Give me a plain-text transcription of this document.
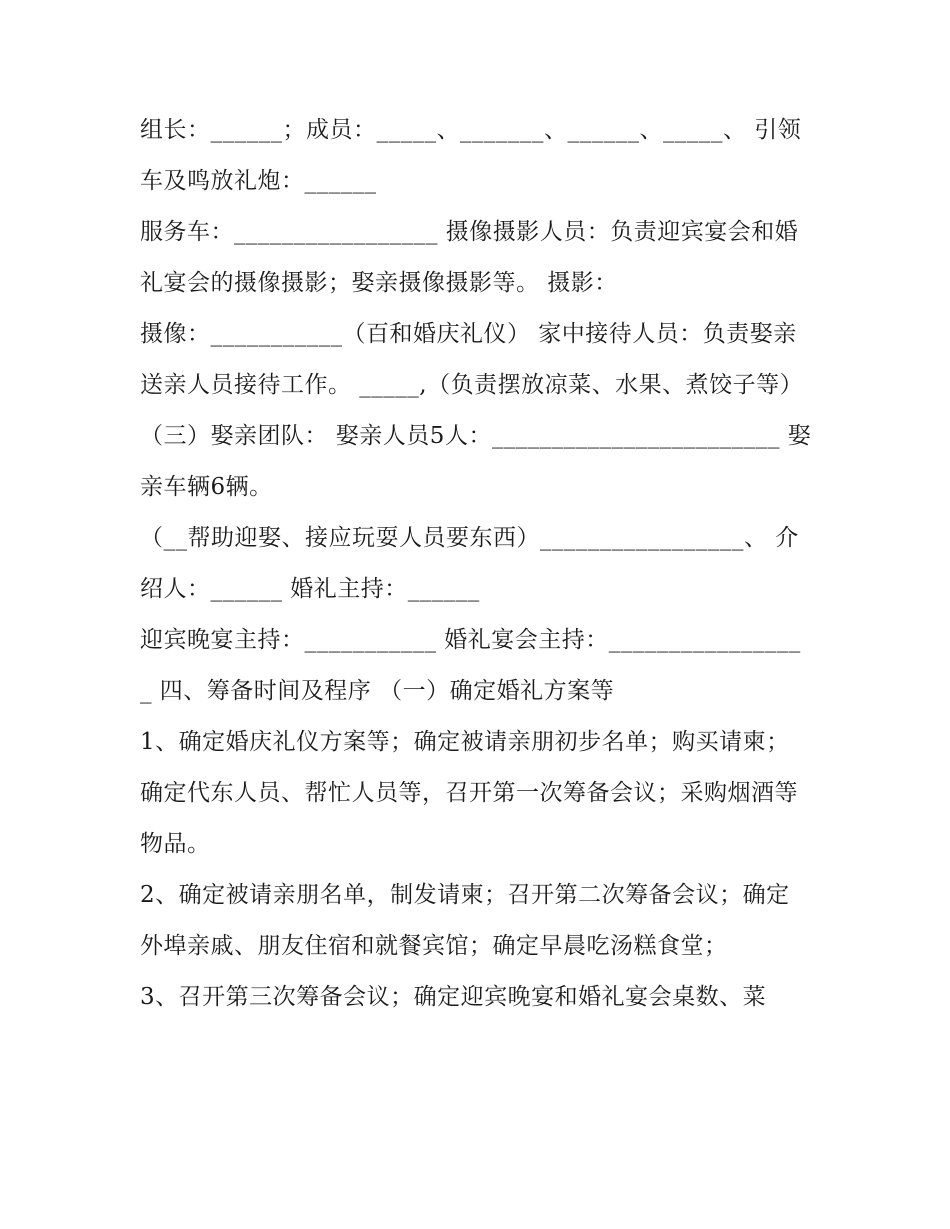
组长：______；成员：_____、_______、______、_____、 引领车及鸣放礼炮：______

服务车：_________________ 摄像摄影人员：负责迎宾宴会和婚礼宴会的摄像摄影；娶亲摄像摄影等。 摄影：

摄像：___________（百和婚庆礼仪） 家中接待人员：负责娶亲送亲人员接待工作。 _____,（负责摆放凉菜、水果、煮饺子等）

（三）娶亲团队： 娶亲人员5人：________________________ 娶亲车辆6辆。

（__帮助迎娶、接应玩耍人员要东西）_________________、 介绍人：______ 婚礼主持：______

迎宾晚宴主持：___________ 婚礼宴会主持：_________________ 四、筹备时间及程序 （一）确定婚礼方案等

1、确定婚庆礼仪方案等；确定被请亲朋初步名单；购买请柬；确定代东人员、帮忙人员等，召开第一次筹备会议；采购烟酒等物品。

2、确定被请亲朋名单，制发请柬；召开第二次筹备会议；确定外埠亲戚、朋友住宿和就餐宾馆；确定早晨吃汤糕食堂；

3、召开第三次筹备会议；确定迎宾晚宴和婚礼宴会桌数、菜
